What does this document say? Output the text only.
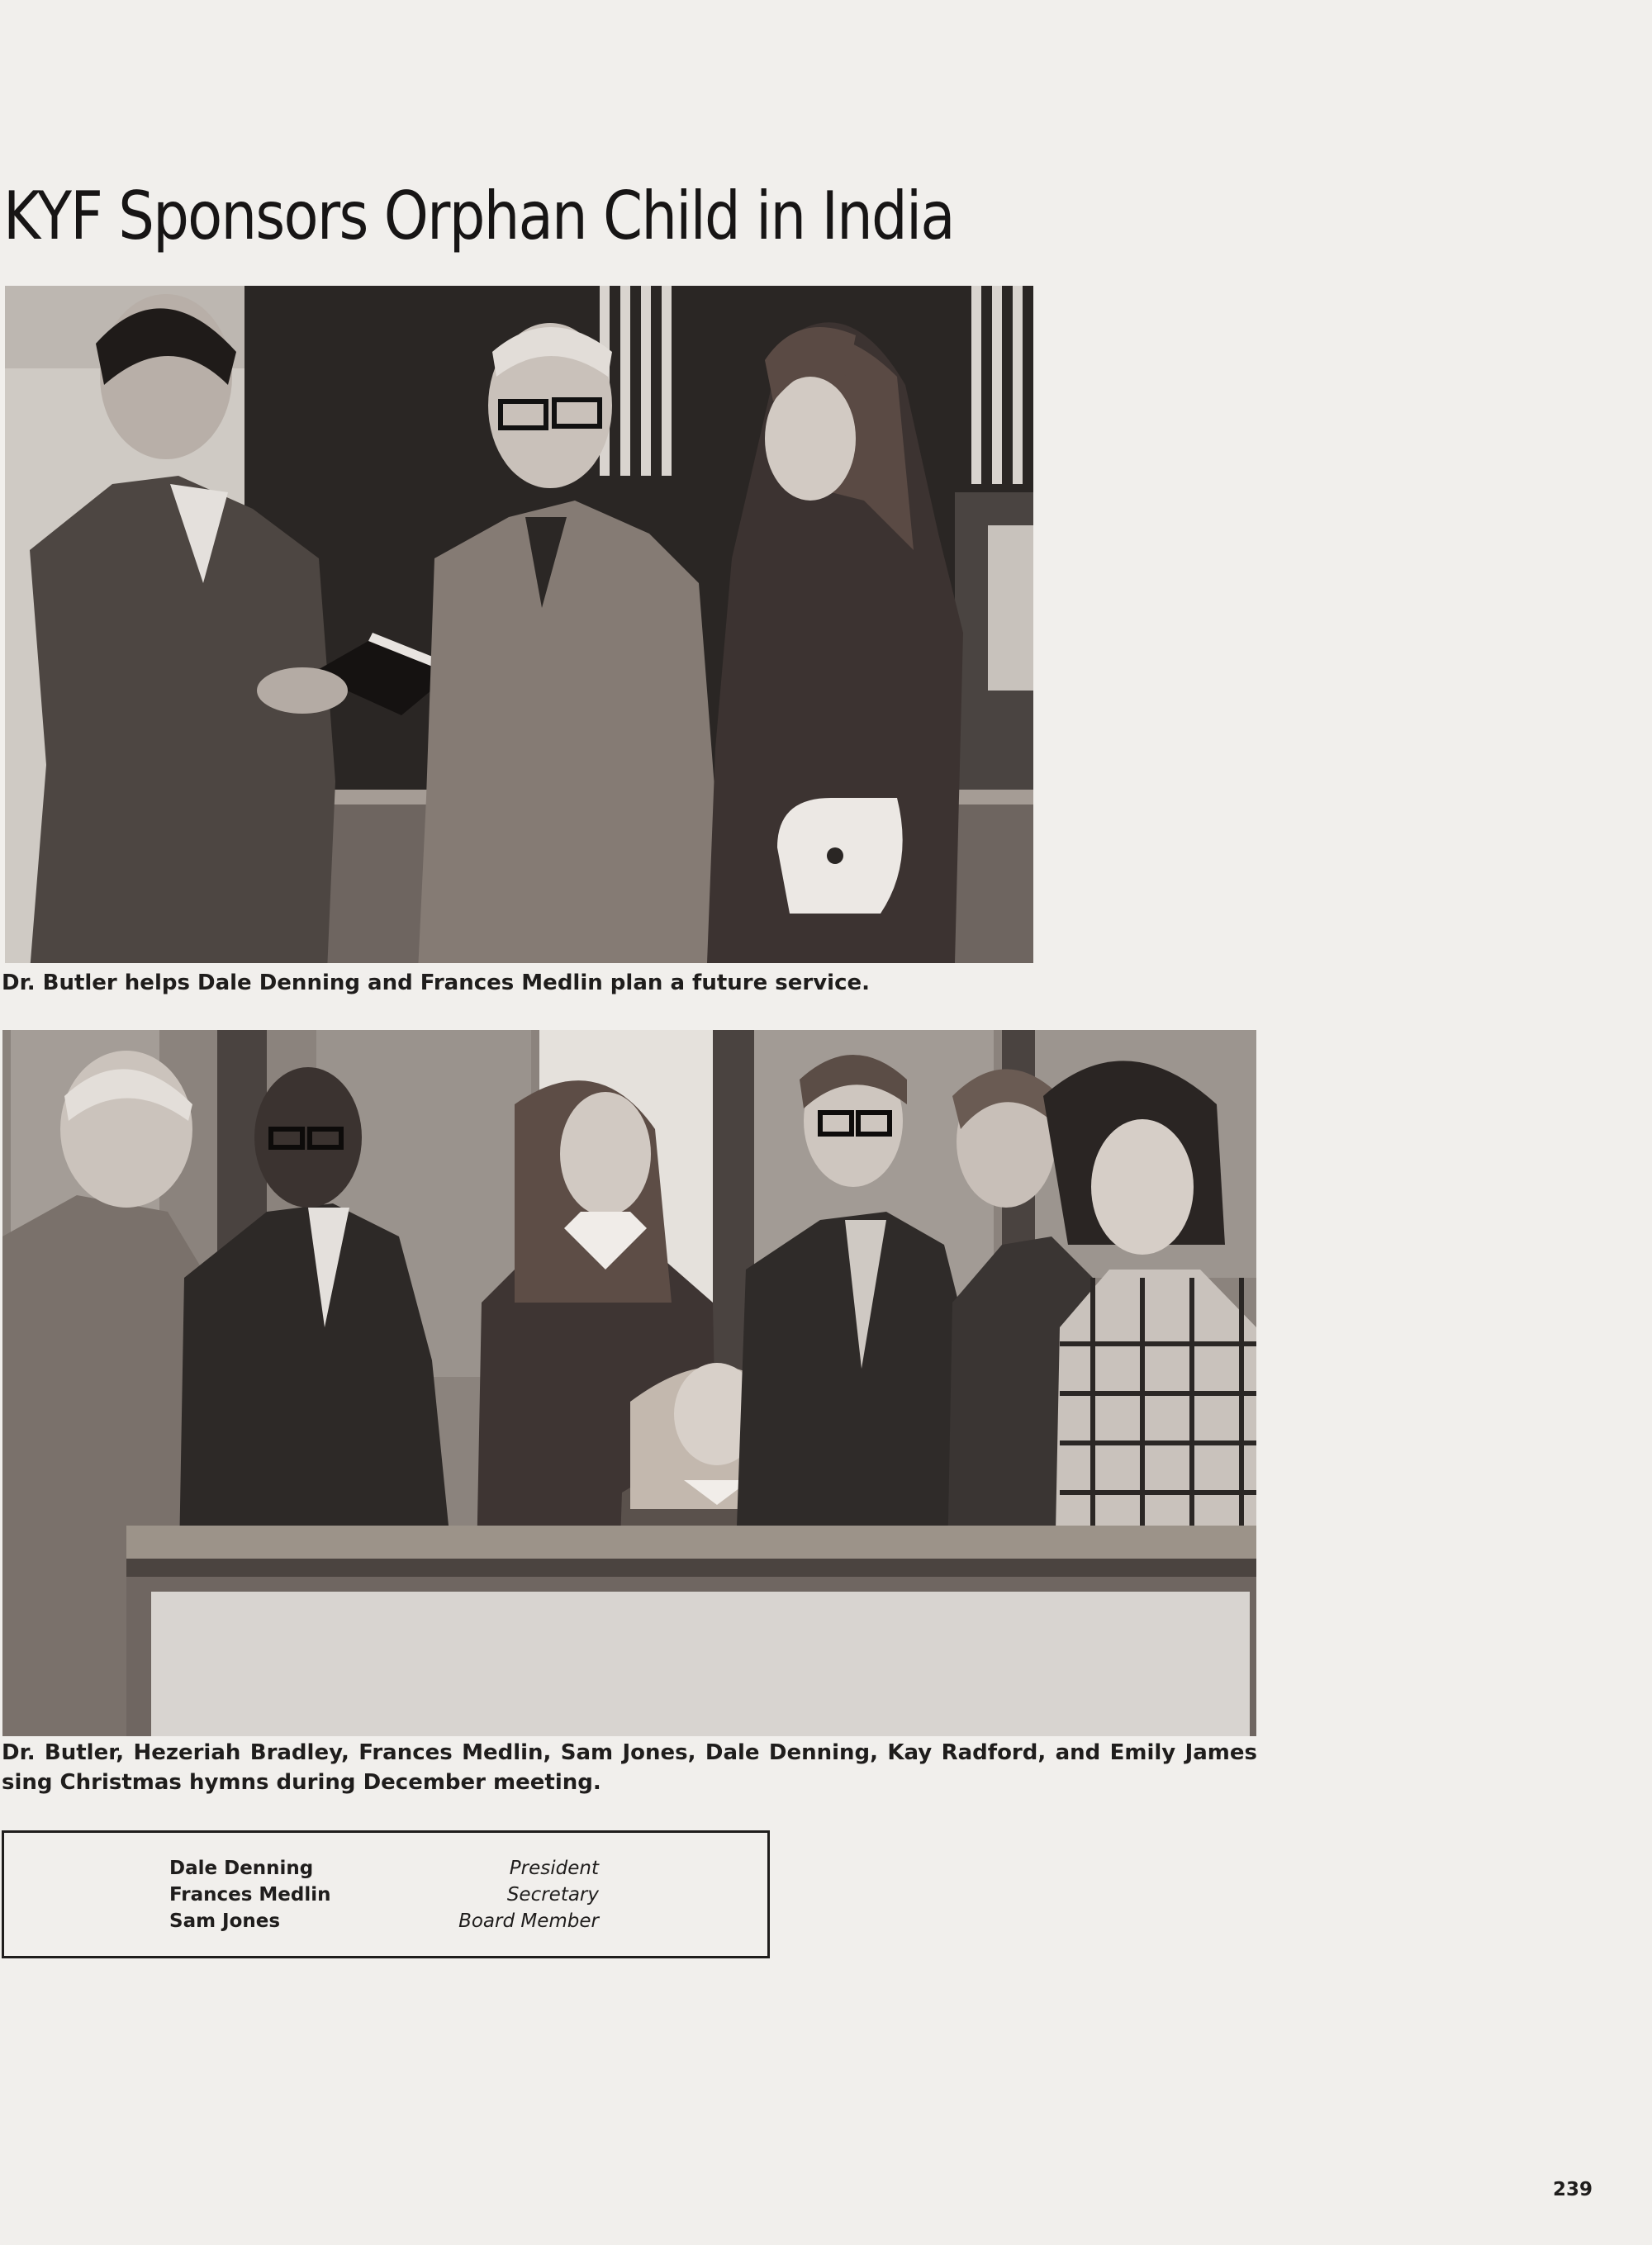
KYF Sponsors Orphan Child in India

Dr. Butler helps Dale Denning and Frances Medlin plan a future service.

Dr. Butler, Hezeriah Bradley, Frances Medlin, Sam Jones, Dale Denning, Kay Radford, and Emily James sing Christmas hymns during December meeting.

Dale Denning	President
Frances Medlin	Secretary
Sam Jones	Board Member
239
